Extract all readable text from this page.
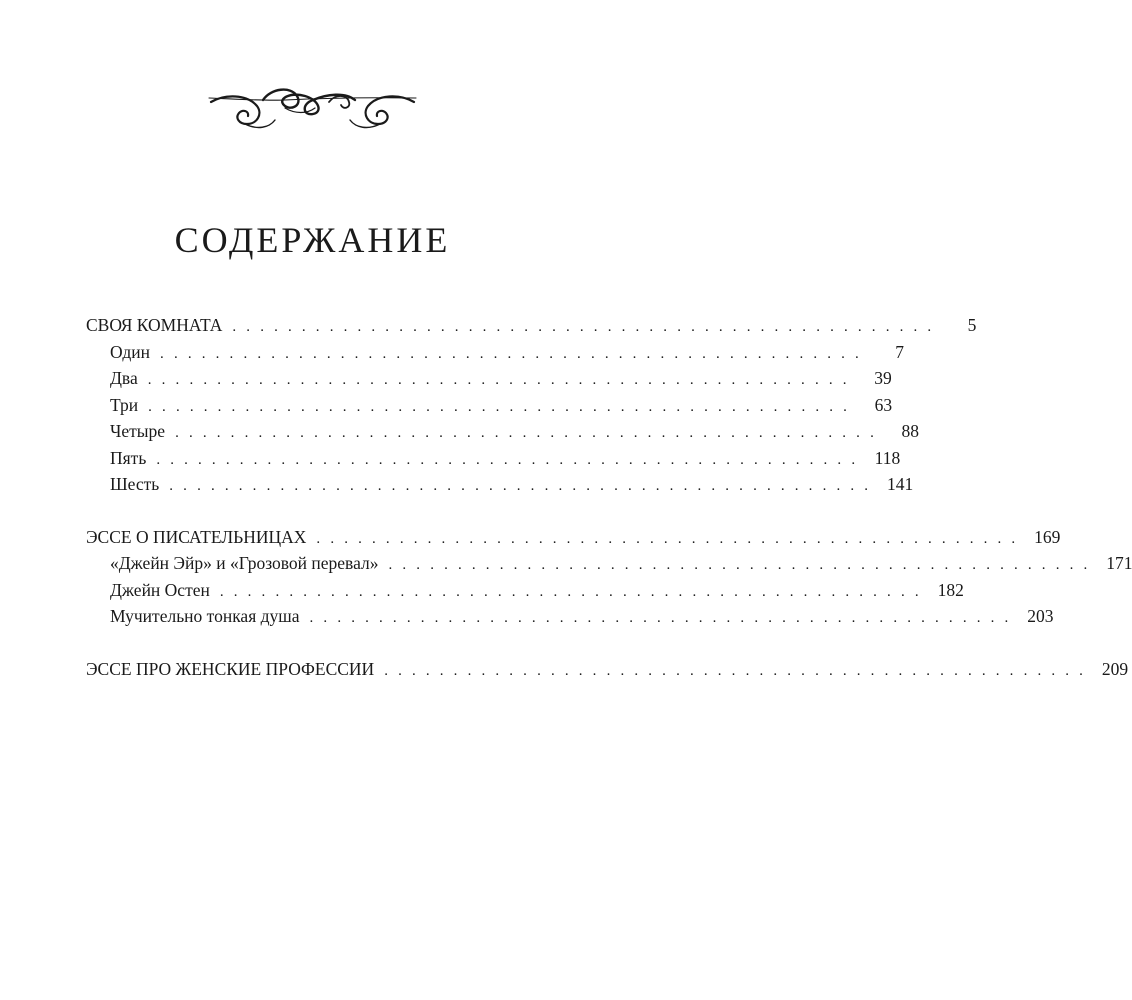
СОДЕРЖАНИЕ
СВОЯ КОМНАТА . . . . . . . . . . . . . . . . . . . . . . . . . . . . . . . . . . . . . . . . . . . . . . . . . . .	5
Один . . . . . . . . . . . . . . . . . . . . . . . . . . . . . . . . . . . . . . . . . . . . . . . . . . .	7
Два . . . . . . . . . . . . . . . . . . . . . . . . . . . . . . . . . . . . . . . . . . . . . . . . . . .	39
Три . . . . . . . . . . . . . . . . . . . . . . . . . . . . . . . . . . . . . . . . . . . . . . . . . . .	63
Четыре . . . . . . . . . . . . . . . . . . . . . . . . . . . . . . . . . . . . . . . . . . . . . . . . . . .	88
Пять . . . . . . . . . . . . . . . . . . . . . . . . . . . . . . . . . . . . . . . . . . . . . . . . . . . 118
Шесть . . . . . . . . . . . . . . . . . . . . . . . . . . . . . . . . . . . . . . . . . . . . . . . . . . . 141
ЭССЕ О ПИСАТЕЛЬНИЦАХ . . . . . . . . . . . . . . . . . . . . . . . . . . . . . . . . . . . . . . . . . . . . . . . . . . . 169
«Джейн Эйр» и «Грозовой перевал» . . . . . . . . . . . . . . . . . . . . . . . . . . . . . . . . . . . . . . . . . . . . . . . . . . . 171
Джейн Остен . . . . . . . . . . . . . . . . . . . . . . . . . . . . . . . . . . . . . . . . . . . . . . . . . . . 182
Мучительно тонкая душа . . . . . . . . . . . . . . . . . . . . . . . . . . . . . . . . . . . . . . . . . . . . . . . . . . . 203
ЭССЕ ПРО ЖЕНСКИЕ ПРОФЕССИИ . . . . . . . . . . . . . . . . . . . . . . . . . . . . . . . . . . . . . . . . . . . . . . . . . . . 209
